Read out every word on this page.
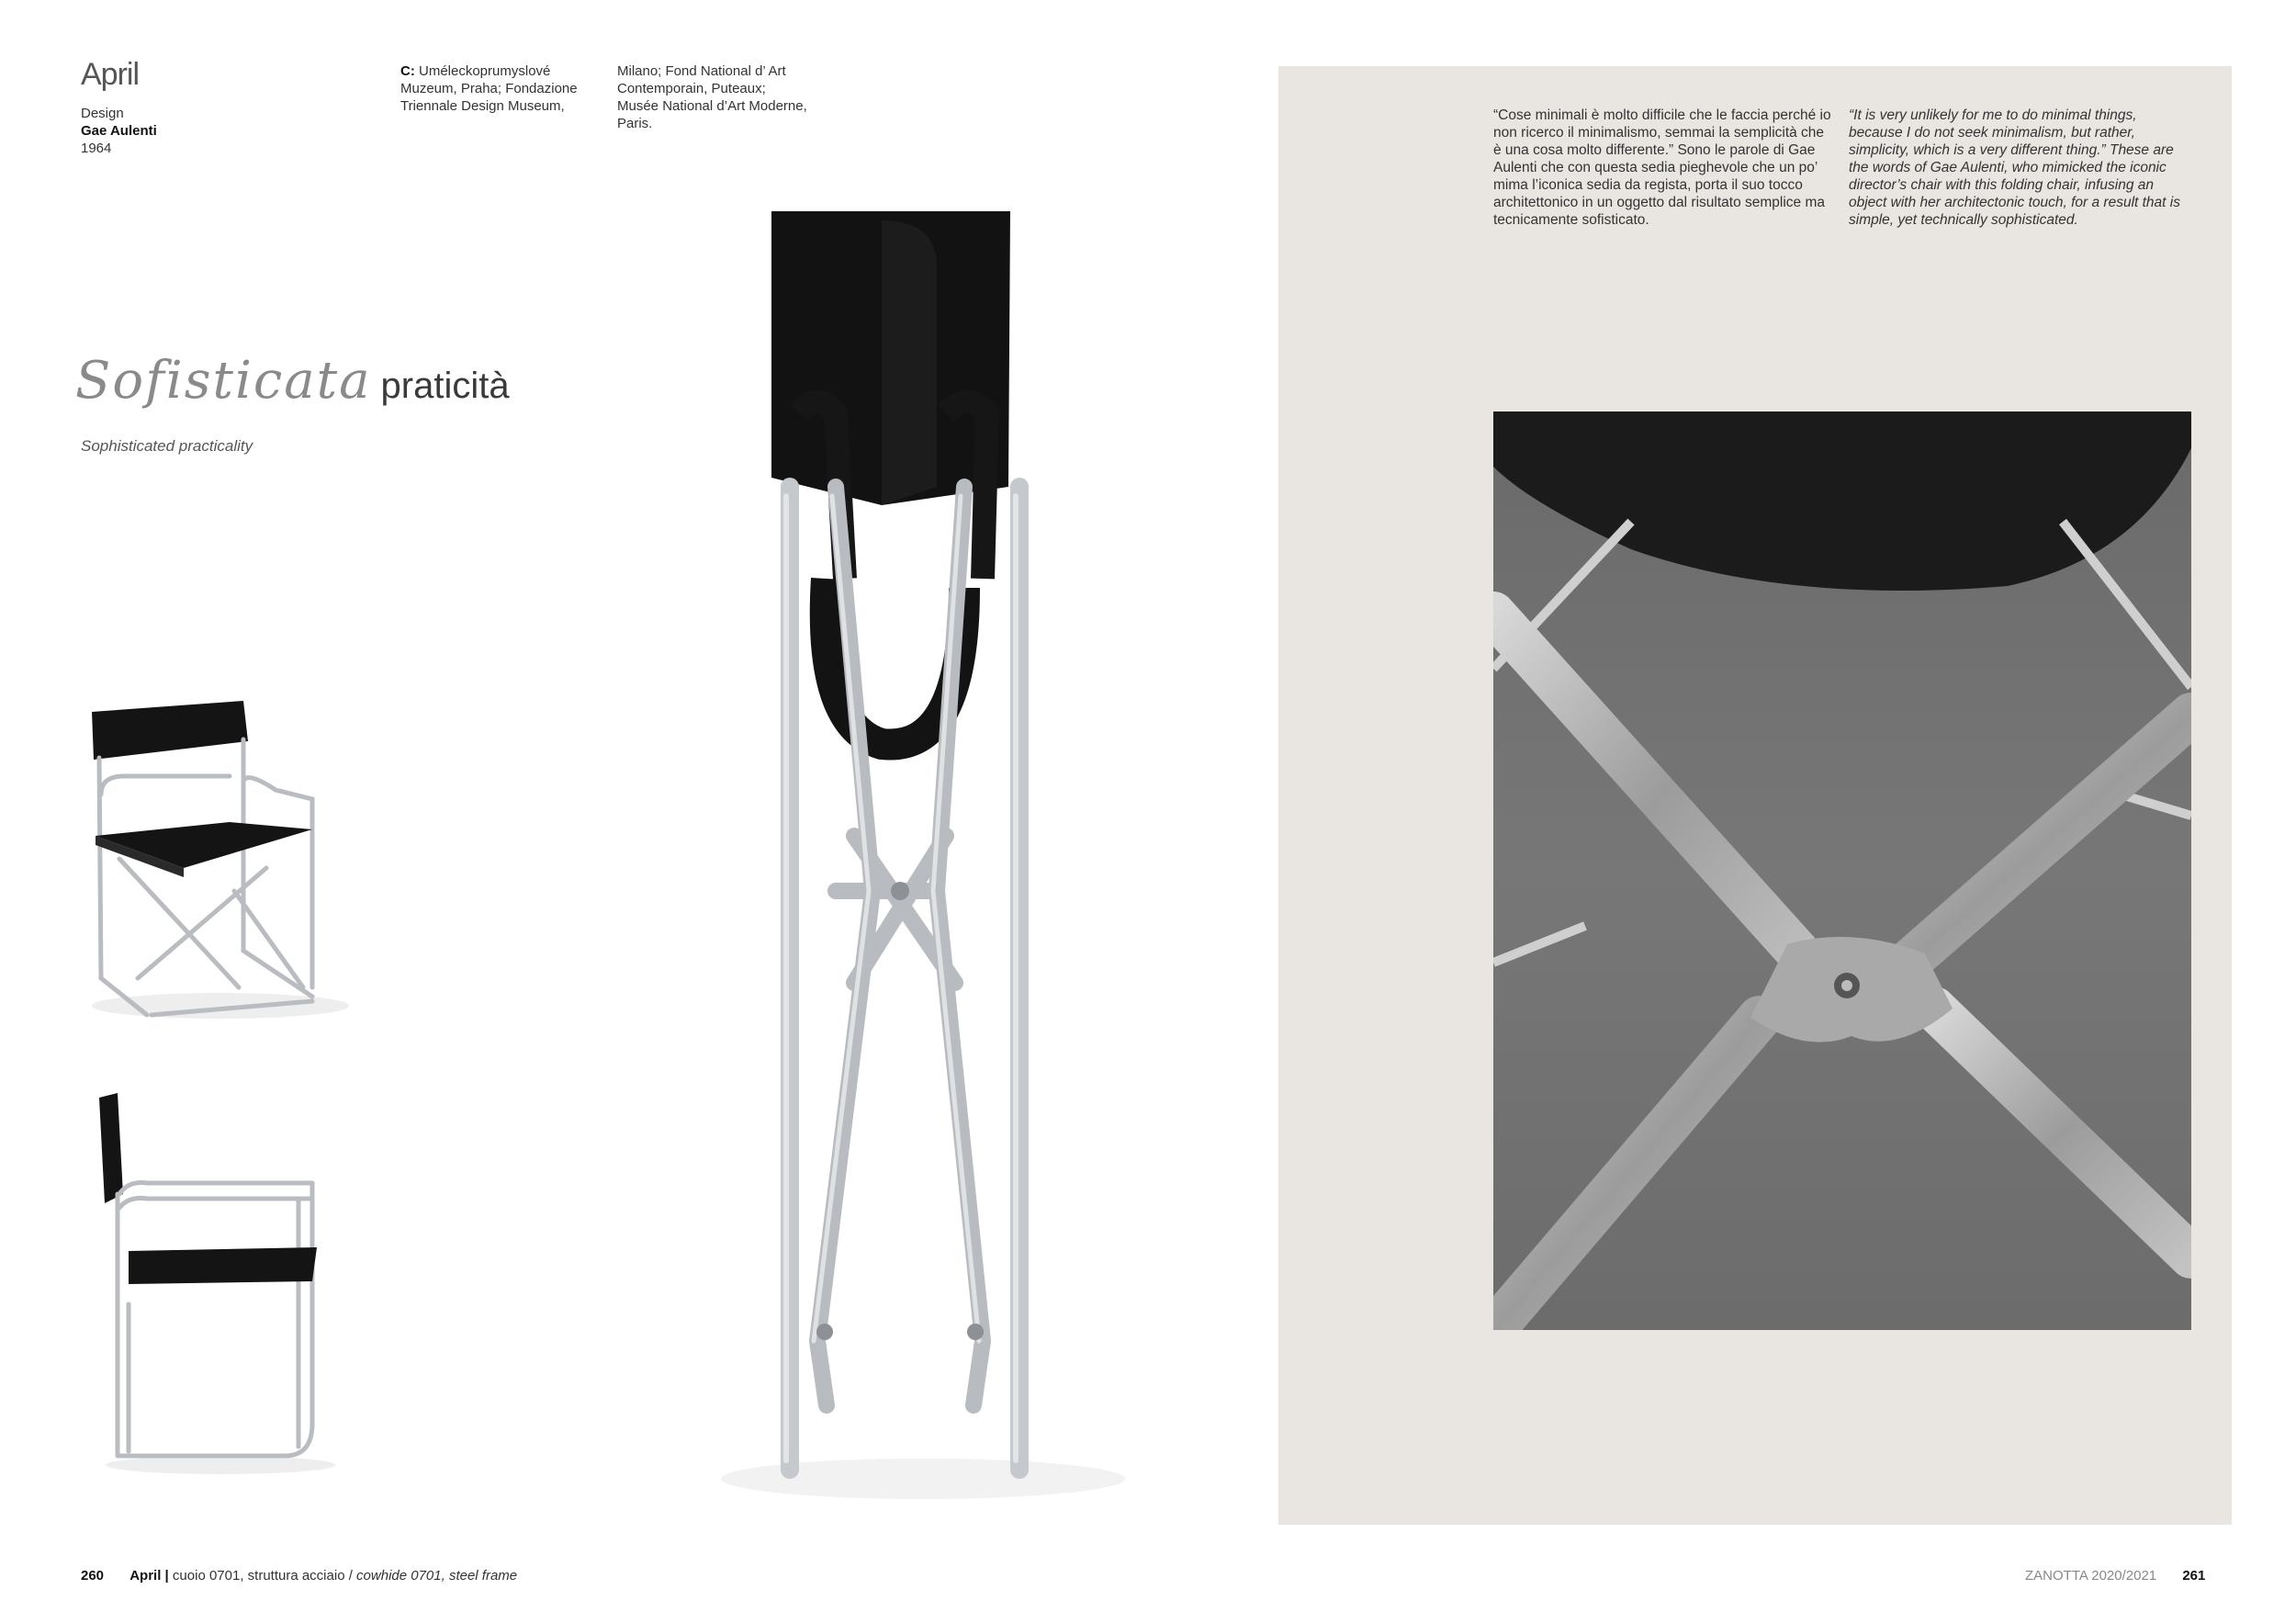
April
Design
Gae Aulenti
1964
C: Uméleckoprumyslové Muzeum, Praha; Fondazione Triennale Design Museum,
Milano; Fond National d’ Art Contemporain, Puteaux; Musée National d’Art Moderne, Paris.
Sofisticata praticità
Sophisticated practicality
“Cose minimali è molto difficile che le faccia perché io non ricerco il minimalismo, semmai la semplicità che è una cosa molto differente.” Sono le parole di Gae Aulenti che con questa sedia pieghevole che un po’ mima l’iconica sedia da regista, porta il suo tocco architettonico in un oggetto dal risultato semplice ma tecnicamente sofisticato.
“It is very unlikely for me to do minimal things, because I do not seek minimalism, but rather, simplicity, which is a very different thing.” These are the words of Gae Aulenti, who mimicked the iconic director’s chair with this folding chair, infusing an object with her architectonic touch, for a result that is simple, yet technically sophisticated.
260 April | cuoio 0701, struttura acciaio / cowhide 0701, steel frame	ZANOTTA 2020/2021 261
